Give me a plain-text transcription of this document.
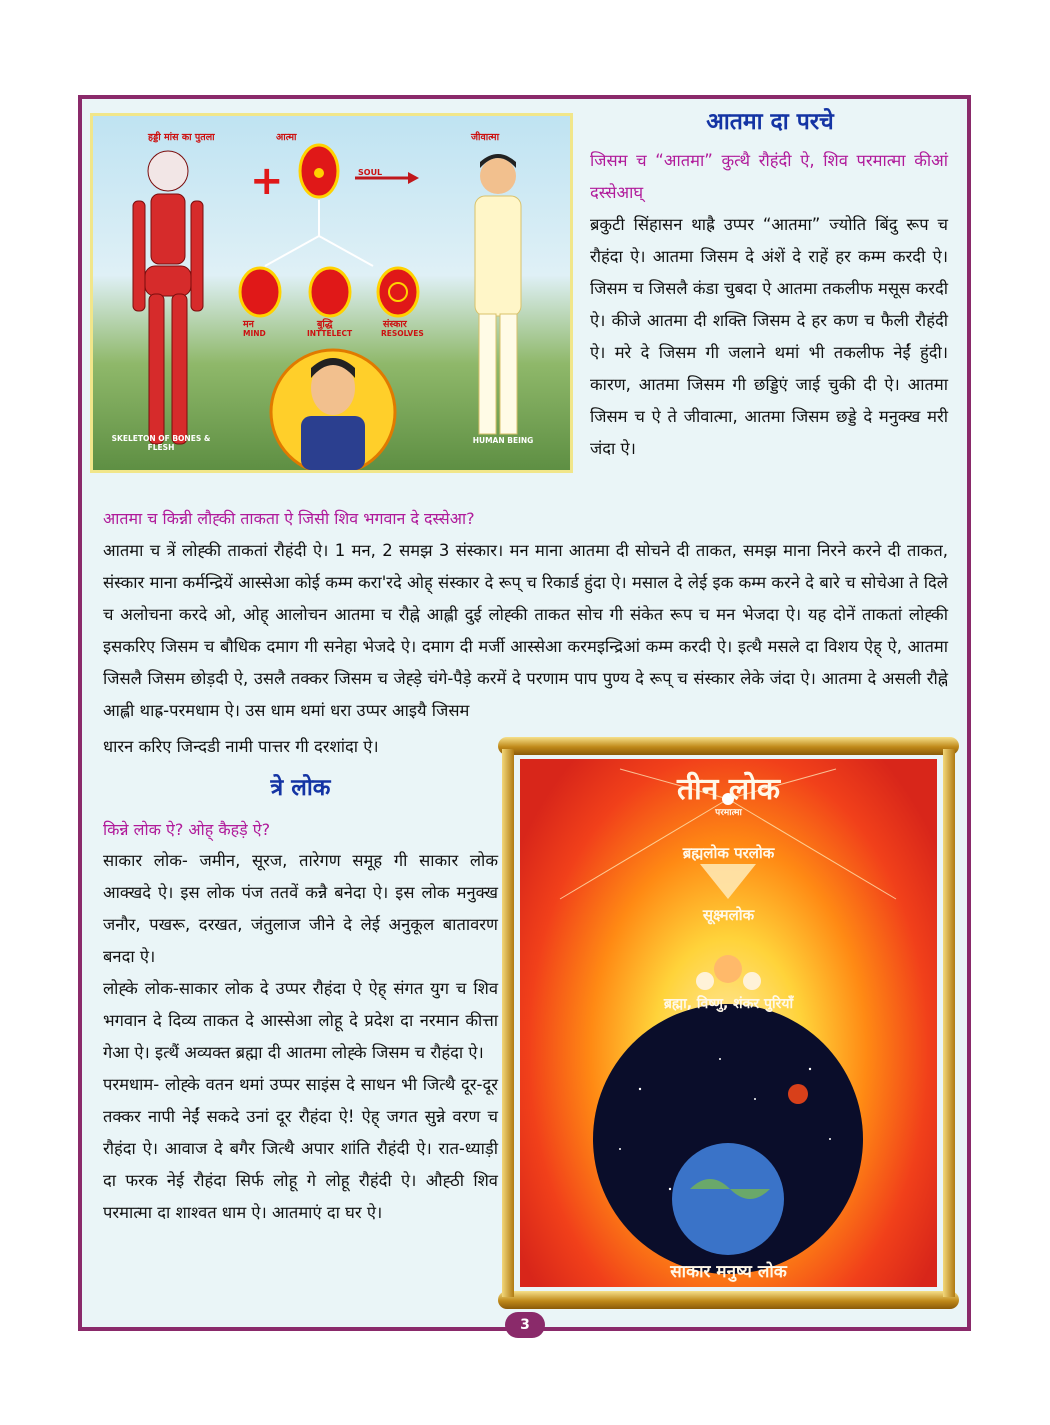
हड्डी मांस का पुतला	जीवात्मा
आत्मा
SOUL
+
मन
MIND
बुद्धि
INTTELECT
संस्कार
RESOLVES
SKELETON OF BONES & FLESH
HUMAN BEING
आतमा दा परचे
जिसम च “आतमा” कुत्थै रौहंदी ऐ, शिव परमात्मा कीआं दस्सेआघ्
ब्रकुटी सिंहासन थाह्रै उप्पर “आतमा” ज्योति बिंदु रूप च रौहंदा ऐ। आतमा जिसम दे अंशें दे राहें हर कम्म करदी ऐ। जिसम च जिसलै कंडा चुबदा ऐ आतमा तकलीफ मसूस करदी ऐ। कीजे आतमा दी शक्ति जिसम दे हर कण च फैली रौहंदी ऐ। मरे दे जिसम गी जलाने थमां भी तकलीफ नेईं हुंदी। कारण, आतमा जिसम गी छड्डिएं जाई चुकी दी ऐ। आतमा जिसम च ऐ ते जीवात्मा, आतमा जिसम छड्डे दे मनुक्ख मरी जंदा ऐ।
आतमा च किन्नी लौह्की ताकता ऐ जिसी शिव भगवान दे दस्सेआ?
आतमा च त्रें लोह्की ताकतां रौहंदी ऐ। 1 मन, 2 समझ 3 संस्कार। मन माना आतमा दी सोचने दी ताकत, समझ माना निरने करने दी ताकत, संस्कार माना कर्मन्द्रियें आस्सेआ कोई कम्म करा'रदे ओह् संस्कार दे रूप् च रिकार्ड हुंदा ऐ। मसाल दे लेई इक कम्म करने दे बारे च सोचेआ ते दिले च अलोचना करदे ओ, ओह् आलोचन आतमा च रौह्ने आह्ली दुई लोह्की ताकत सोच गी संकेत रूप च मन भेजदा ऐ। यह दोनें ताकतां लोह्की इसकरिए जिसम च बौधिक दमाग गी सनेहा भेजदे ऐ। दमाग दी मर्जी आस्सेआ करमइन्द्रिआं कम्म करदी ऐ। इत्थै मसले दा विशय ऐह् ऐ, आतमा जिसलै जिसम छोड़दी ऐ, उसलै तक्कर जिसम च जेह्ड़े चंगे-पैड़े करमें दे परणाम पाप पुण्य दे रूप् च संस्कार लेके जंदा ऐ। आतमा दे असली रौह्ने आह्ली थाह्र-परमधाम ऐ। उस धाम थमां धरा उप्पर आइयै जिसम
धारन करिए जिन्दडी नामी पात्तर गी दरशांदा ऐ।
त्रे लोक
किन्ने लोक ऐ? ओह् कैहड़े ऐ?
साकार लोक- जमीन, सूरज, तारेगण समूह गी साकार लोक आक्खदे ऐ। इस लोक पंज ततवें कन्नै बनेदा ऐ। इस लोक मनुक्ख जनौर, पखरू, दरखत, जंतुलाज जीने दे लेई अनुकूल बातावरण बनदा ऐ।
लोह्के लोक-साकार लोक दे उप्पर रौहंदा ऐ ऐह् संगत युग च शिव भगवान दे दिव्य ताकत दे आस्सेआ लोहू दे प्रदेश दा नरमान कीत्ता गेआ ऐ। इत्थैं अव्यक्त ब्रह्मा दी आतमा लोह्के जिसम च रौहंदा ऐ।
परमधाम- लोह्के वतन थमां उप्पर साइंस दे साधन भी जित्थै दूर-दूर तक्कर नापी नेईं सकदे उनां दूर रौहंदा ऐ! ऐह् जगत सुन्ने वरण च रौहंदा ऐ। आवाज दे बगैर जित्थै अपार शांति रौहंदी ऐ। रात-ध्याड़ी दा फरक नेई रौहंदा सिर्फ लोहू गे लोहू रौहंदी ऐ। औह्ठी शिव परमात्मा दा शाश्वत धाम ऐ। आतमाएं दा घर ऐ।
तीन लोक
परमात्मा
ब्रह्मलोक परलोक
सूक्ष्मलोक
ब्रह्मा, विष्णु, शंकर पुरियाँ
साकार मनुष्य लोक
3
